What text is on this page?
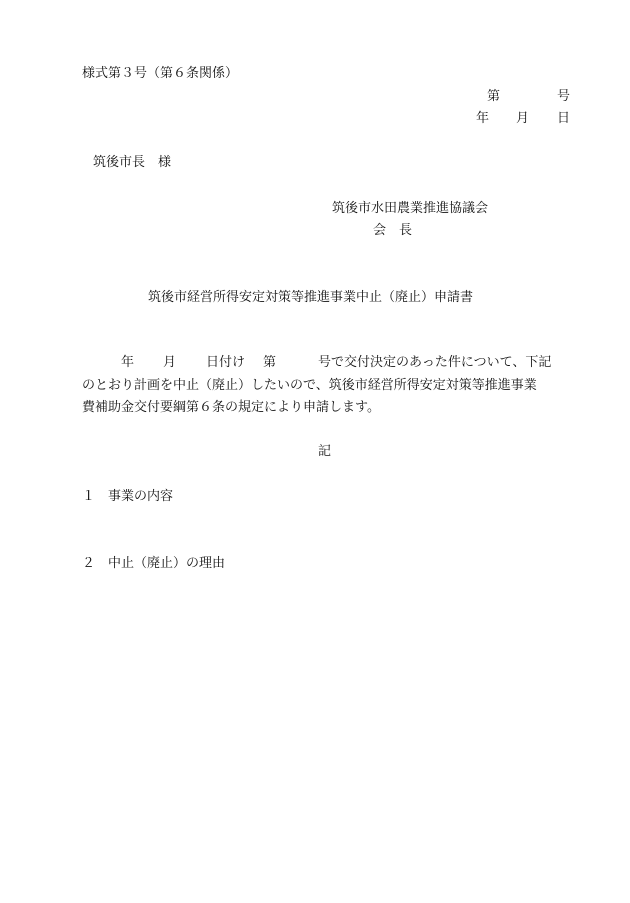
様式第３号（第６条関係）
第	号
年 月 日
筑後市長　様
筑後市水田農業推進協議会
会　長
筑後市経営所得安定対策等推進事業中止（廃止）申請書
年 月 日付け 第	号で交付決定のあった件について、下記
のとおり計画を中止（廃止）したいので、筑後市経営所得安定対策等推進事業
費補助金交付要綱第６条の規定により申請します。
記
１ 事業の内容
２ 中止（廃止）の理由
